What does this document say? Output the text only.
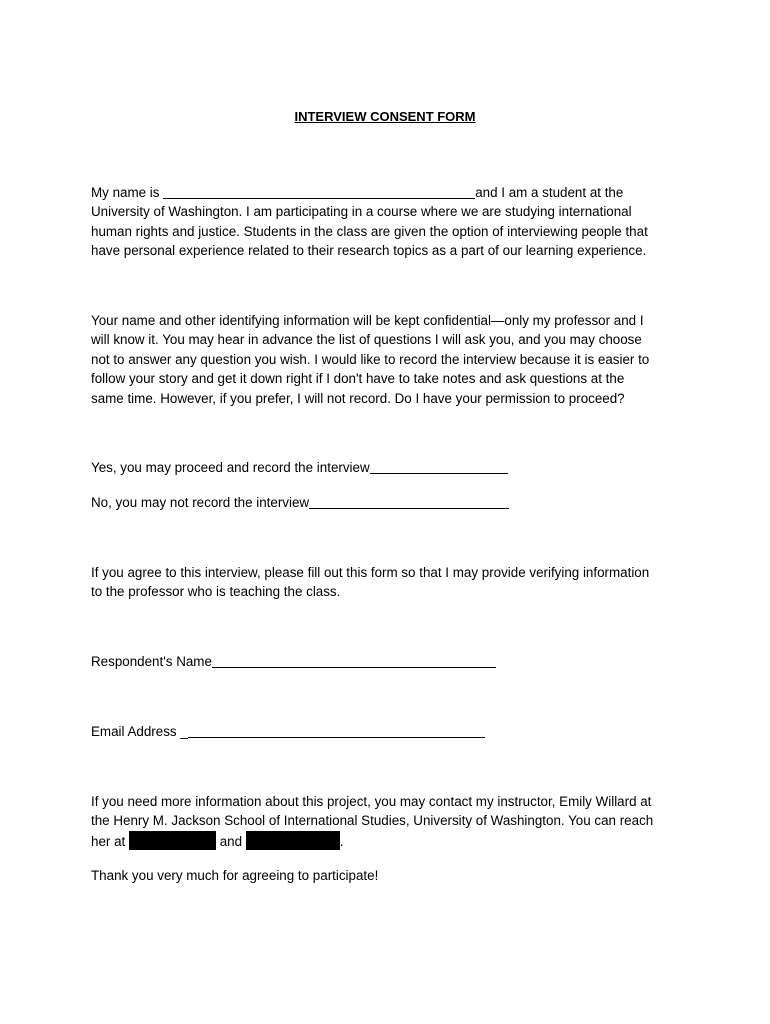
INTERVIEW CONSENT FORM

My name is	and I am a student at the
University of Washington. I am participating in a course where we are studying international
human rights and justice. Students in the class are given the option of interviewing people that
have personal experience related to their research topics as a part of our learning experience.

Your name and other identifying information will be kept confidential—only my professor and I
will know it. You may hear in advance the list of questions I will ask you, and you may choose
not to answer any question you wish. I would like to record the interview because it is easier to
follow your story and get it down right if I don't have to take notes and ask questions at the
same time. However, if you prefer, I will not record. Do I have your permission to proceed?

Yes, you may proceed and record the interview

No, you may not record the interview

If you agree to this interview, please fill out this form so that I may provide verifying information
to the professor who is teaching the class.

Respondent's Name

Email Address _

If you need more information about this project, you may contact my instructor, Emily Willard at
the Henry M. Jackson School of International Studies, University of Washington. You can reach
her at	and	.

Thank you very much for agreeing to participate!
